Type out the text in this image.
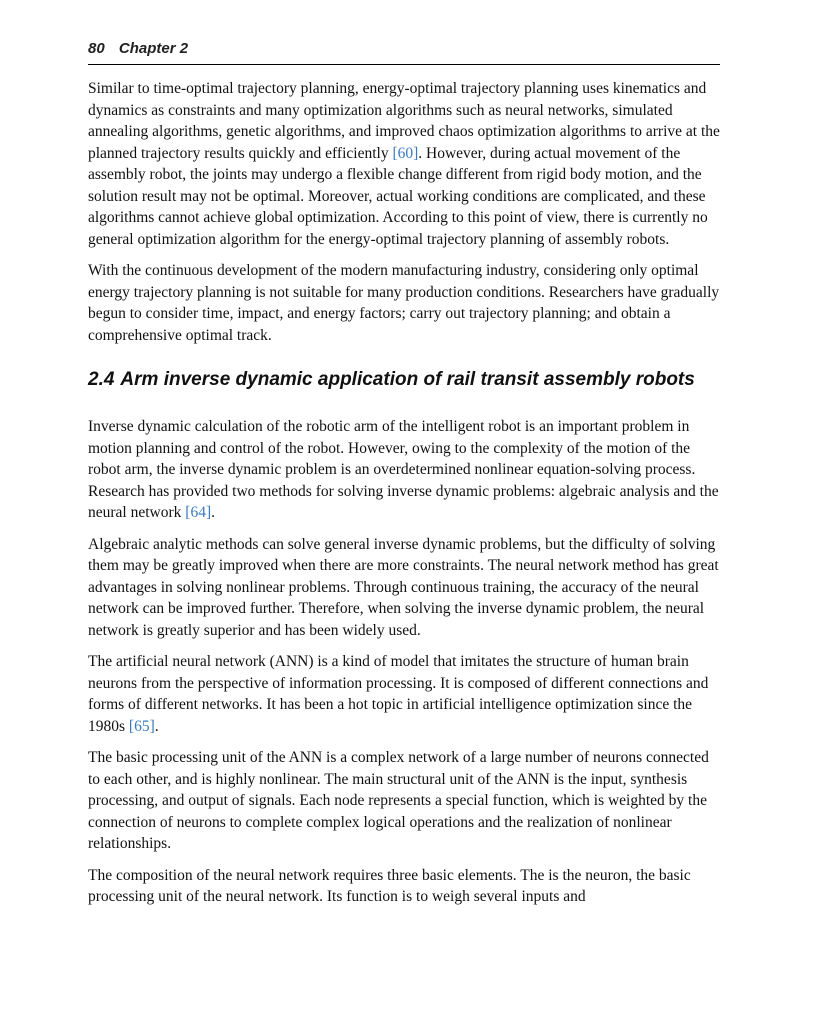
80 Chapter 2

Similar to time-optimal trajectory planning, energy-optimal trajectory planning uses kinematics and dynamics as constraints and many optimization algorithms such as neural networks, simulated annealing algorithms, genetic algorithms, and improved chaos optimization algorithms to arrive at the planned trajectory results quickly and efficiently [60]. However, during actual movement of the assembly robot, the joints may undergo a flexible change different from rigid body motion, and the solution result may not be optimal. Moreover, actual working conditions are complicated, and these algorithms cannot achieve global optimization. According to this point of view, there is currently no general optimization algorithm for the energy-optimal trajectory planning of assembly robots.

With the continuous development of the modern manufacturing industry, considering only optimal energy trajectory planning is not suitable for many production conditions. Researchers have gradually begun to consider time, impact, and energy factors; carry out trajectory planning; and obtain a comprehensive optimal track.

2.4 Arm inverse dynamic application of rail transit assembly robots

Inverse dynamic calculation of the robotic arm of the intelligent robot is an important problem in motion planning and control of the robot. However, owing to the complexity of the motion of the robot arm, the inverse dynamic problem is an overdetermined nonlinear equation-solving process. Research has provided two methods for solving inverse dynamic problems: algebraic analysis and the neural network [64].

Algebraic analytic methods can solve general inverse dynamic problems, but the difficulty of solving them may be greatly improved when there are more constraints. The neural network method has great advantages in solving nonlinear problems. Through continuous training, the accuracy of the neural network can be improved further. Therefore, when solving the inverse dynamic problem, the neural network is greatly superior and has been widely used.

The artificial neural network (ANN) is a kind of model that imitates the structure of human brain neurons from the perspective of information processing. It is composed of different connections and forms of different networks. It has been a hot topic in artificial intelligence optimization since the 1980s [65].

The basic processing unit of the ANN is a complex network of a large number of neurons connected to each other, and is highly nonlinear. The main structural unit of the ANN is the input, synthesis processing, and output of signals. Each node represents a special function, which is weighted by the connection of neurons to complete complex logical operations and the realization of nonlinear relationships.

The composition of the neural network requires three basic elements. The is the neuron, the basic processing unit of the neural network. Its function is to weigh several inputs and
